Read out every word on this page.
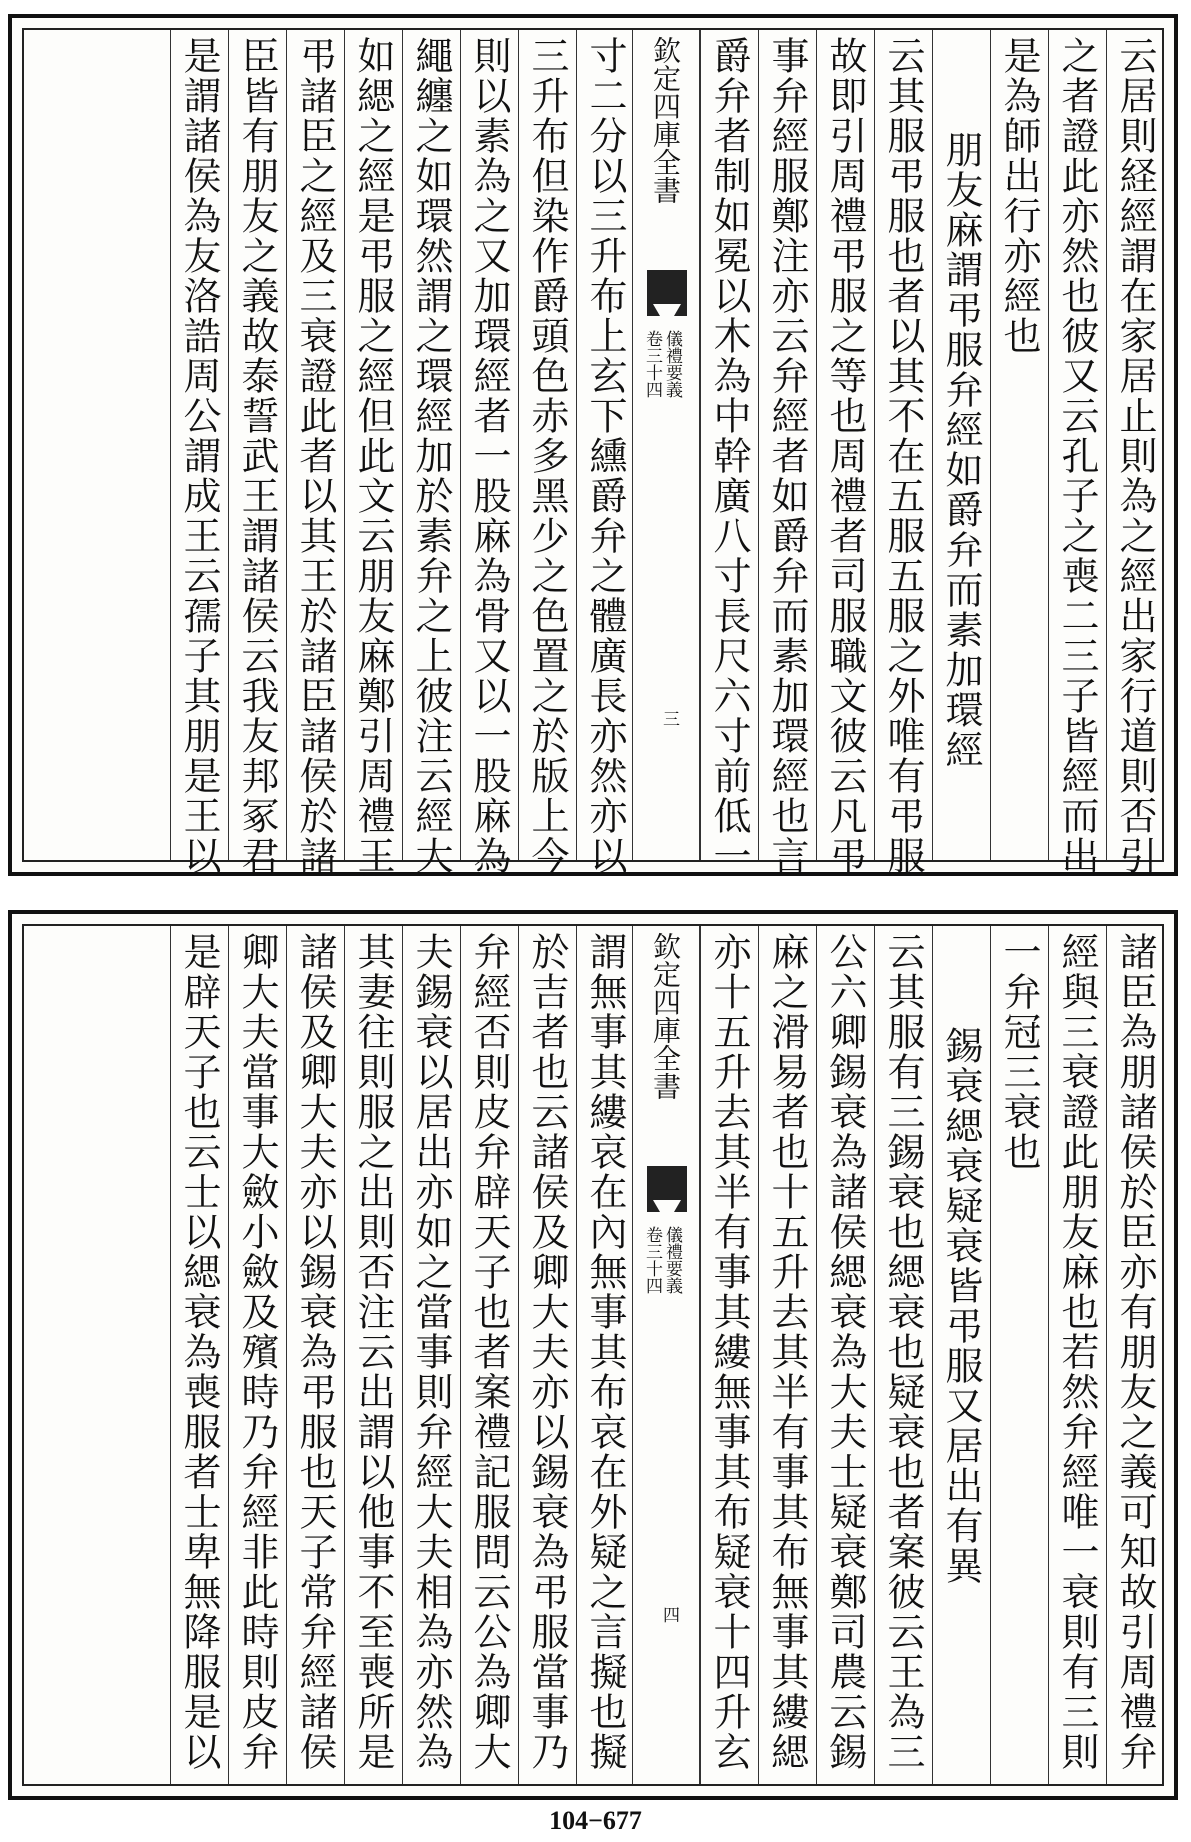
云居則経經謂在家居止則為之經出家行道則否引
之者證此亦然也彼又云孔子之喪二三子皆經而出
是為師出行亦經也
朋友麻謂弔服弁經如爵弁而素加環經
云其服弔服也者以其不在五服五服之外唯有弔服
故即引周禮弔服之等也周禮者司服職文彼云凡弔
事弁經服鄭注亦云弁經者如爵弁而素加環經也言
爵弁者制如冕以木為中幹廣八寸長尺六寸前低一
欽定四庫全書
儀禮要義
卷三十四
三
寸二分以三升布上玄下纁爵弁之體廣長亦然亦以
三升布但染作爵頭色赤多黑少之色置之於版上今
則以素為之又加環經者一股麻為骨又以一股麻為
繩纏之如環然謂之環經加於素弁之上彼注云經大
如緦之經是弔服之經但此文云朋友麻鄭引周禮王
弔諸臣之經及三衰證此者以其王於諸臣諸侯於諸
臣皆有朋友之義故泰誓武王謂諸侯云我友邦冢君
是謂諸侯為友洛誥周公謂成王云孺子其朋是王以
諸臣為朋諸侯於臣亦有朋友之義可知故引周禮弁
經與三衰證此朋友麻也若然弁經唯一衰則有三則
一弁冠三衰也
錫衰緦衰疑衰皆弔服又居出有異
云其服有三錫衰也緦衰也疑衰也者案彼云王為三
公六卿錫衰為諸侯緦衰為大夫士疑衰鄭司農云錫
麻之滑易者也十五升去其半有事其布無事其縷緦
亦十五升去其半有事其縷無事其布疑衰十四升玄
欽定四庫全書
儀禮要義
卷三十四
四
謂無事其縷哀在內無事其布哀在外疑之言擬也擬
於吉者也云諸侯及卿大夫亦以錫衰為弔服當事乃
弁經否則皮弁辟天子也者案禮記服問云公為卿大
夫錫衰以居出亦如之當事則弁經大夫相為亦然為
其妻往則服之出則否注云出謂以他事不至喪所是
諸侯及卿大夫亦以錫衰為弔服也天子常弁經諸侯
卿大夫當事大斂小斂及殯時乃弁經非此時則皮弁
是辟天子也云士以緦衰為喪服者士卑無降服是以
104−677
